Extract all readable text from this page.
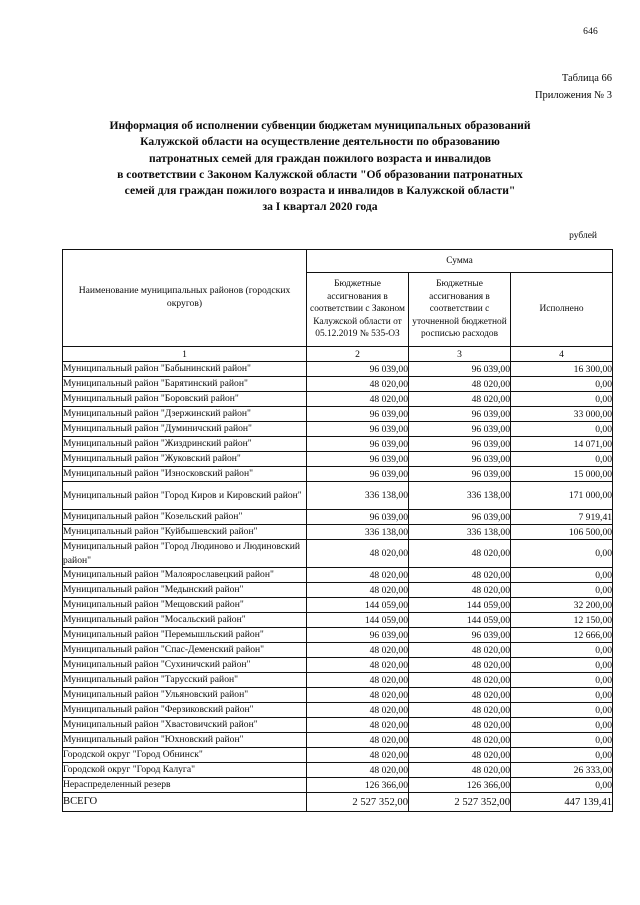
646
Таблица 66
Приложения № 3
Информация об исполнении субвенции бюджетам муниципальных образований
Калужской области на осуществление деятельности по образованию
патронатных семей для граждан пожилого возраста и инвалидов
в соответствии с Законом Калужской области "Об образовании патронатных
семей для граждан пожилого возраста и инвалидов в Калужской области"
за I квартал 2020 года
рублей
Наименование муниципальных районов (городских округов)	Сумма		
	Бюджетные ассигнования в соответствии с Законом Калужской области от 05.12.2019 № 535-ОЗ	Бюджетные ассигнования в соответствии с уточненной бюджетной росписью расходов	Исполнено
1	2	3	4
Муниципальный район "Бабынинский район"	96 039,00	96 039,00	16 300,00
Муниципальный район "Барятинский район"	48 020,00	48 020,00	0,00
Муниципальный район "Боровский район"	48 020,00	48 020,00	0,00
Муниципальный район "Дзержинский район"	96 039,00	96 039,00	33 000,00
Муниципальный район "Думиничский район"	96 039,00	96 039,00	0,00
Муниципальный район "Жиздринский район"	96 039,00	96 039,00	14 071,00
Муниципальный район "Жуковский район"	96 039,00	96 039,00	0,00
Муниципальный район "Износковский район"	96 039,00	96 039,00	15 000,00
Муниципальный район "Город Киров и Кировский район"	336 138,00	336 138,00	171 000,00
Муниципальный район "Козельский район"	96 039,00	96 039,00	7 919,41
Муниципальный район "Куйбышевский район"	336 138,00	336 138,00	106 500,00
Муниципальный район "Город Людиново и Людиновский район"	48 020,00	48 020,00	0,00
Муниципальный район "Малоярославецкий район"	48 020,00	48 020,00	0,00
Муниципальный район "Медынский район"	48 020,00	48 020,00	0,00
Муниципальный район "Мещовский район"	144 059,00	144 059,00	32 200,00
Муниципальный район "Мосальский район"	144 059,00	144 059,00	12 150,00
Муниципальный район "Перемышльский район"	96 039,00	96 039,00	12 666,00
Муниципальный район "Спас-Деменский район"	48 020,00	48 020,00	0,00
Муниципальный район "Сухиничский район"	48 020,00	48 020,00	0,00
Муниципальный район "Тарусский район"	48 020,00	48 020,00	0,00
Муниципальный район "Ульяновский район"	48 020,00	48 020,00	0,00
Муниципальный район "Ферзиковский район"	48 020,00	48 020,00	0,00
Муниципальный район "Хвастовичский район"	48 020,00	48 020,00	0,00
Муниципальный район "Юхновский район"	48 020,00	48 020,00	0,00
Городской округ "Город Обнинск"	48 020,00	48 020,00	0,00
Городской округ "Город Калуга"	48 020,00	48 020,00	26 333,00
Нераспределенный резерв	126 366,00	126 366,00	0,00
ВСЕГО	2 527 352,00	2 527 352,00	447 139,41
